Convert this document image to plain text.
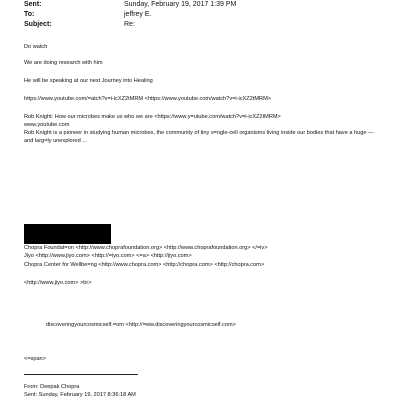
Sent:	Sunday, February 19, 2017 1:39 PM
To:	jeffrey E.
Subject:	Re:
Do watch
We are doing research with him
He will be speaking at our next Journey into Healing
https://www.youtube.com/=atch?v=i-icXZ2tMRM <https://www.youtube.com/watch?v=i-icXZ2tMRM>
Rob Knight: How our microbes make us who we are <https://www.y=utube.com/watch?v=i-icXZ2tMRM>
www.youtube.com
Rob Knight is a pioneer in studying human microbes, the community of tiny s=ngle-cell organisms living inside our bodies that have a huge — and larg=ly unexplored ...
Chopra Foundat=on <http://www.choprafoundation.org> <http://www.choprafoundation.org> </=iv>
Jiyo <http://www.jiyo.com> <http://=iyo.com> <=a> <http://jiyo.com>
Chopra Center for Wellbe=ng <http://www.chopra.com> <http://chopra.com> <http://chopra.com>
<http://www.jiyo.com> >br>
discoveringyourcosmicself.=om <http://=ww.discoveringyourcosmicself.com>
<=span>
From: Deepak Chopra
Sent: Sunday, February 19, 2017 8:36:18 AM
